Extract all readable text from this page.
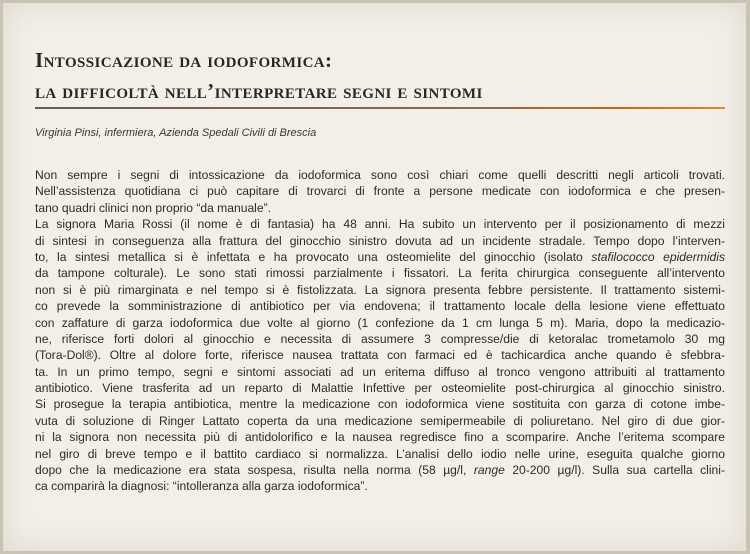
Intossicazione da iodoformica:
la difficoltà nell’interpretare segni e sintomi
Virginia Pinsi, infermiera, Azienda Spedali Civili di Brescia
Non sempre i segni di intossicazione da iodoformica sono così chiari come quelli descritti negli articoli trovati.
Nell’assistenza quotidiana ci può capitare di trovarci di fronte a persone medicate con iodoformica e che presen-
tano quadri clinici non proprio “da manuale”.
La signora Maria Rossi (il nome è di fantasia) ha 48 anni. Ha subito un intervento per il posizionamento di mezzi
di sintesi in conseguenza alla frattura del ginocchio sinistro dovuta ad un incidente stradale. Tempo dopo l’interven-
to, la sintesi metallica si è infettata e ha provocato una osteomielite del ginocchio (isolato stafilococco epidermidis
da tampone colturale). Le sono stati rimossi parzialmente i fissatori. La ferita chirurgica conseguente all’intervento
non si è più rimarginata e nel tempo si è fistolizzata. La signora presenta febbre persistente. Il trattamento sistemi-
co prevede la somministrazione di antibiotico per via endovena; il trattamento locale della lesione viene effettuato
con zaffature di garza iodoformica due volte al giorno (1 confezione da 1 cm lunga 5 m). Maria, dopo la medicazio-
ne, riferisce forti dolori al ginocchio e necessita di assumere 3 compresse/die di ketoralac trometamolo 30 mg
(Tora-Dol®). Oltre al dolore forte, riferisce nausea trattata con farmaci ed è tachicardica anche quando è sfebbra-
ta. In un primo tempo, segni e sintomi associati ad un eritema diffuso al tronco vengono attribuiti al trattamento
antibiotico. Viene trasferita ad un reparto di Malattie Infettive per osteomielite post-chirurgica al ginocchio sinistro.
Si prosegue la terapia antibiotica, mentre la medicazione con iodoformica viene sostituita con garza di cotone imbe-
vuta di soluzione di Ringer Lattato coperta da una medicazione semipermeabile di poliuretano. Nel giro di due gior-
ni la signora non necessita più di antidolorifico e la nausea regredisce fino a scomparire. Anche l’eritema scompare
nel giro di breve tempo e il battito cardiaco si normalizza. L’analisi dello iodio nelle urine, eseguita qualche giorno
dopo che la medicazione era stata sospesa, risulta nella norma (58 µg/l, range 20-200 µg/l). Sulla sua cartella clini-
ca comparirà la diagnosi: “intolleranza alla garza iodoformica”.
